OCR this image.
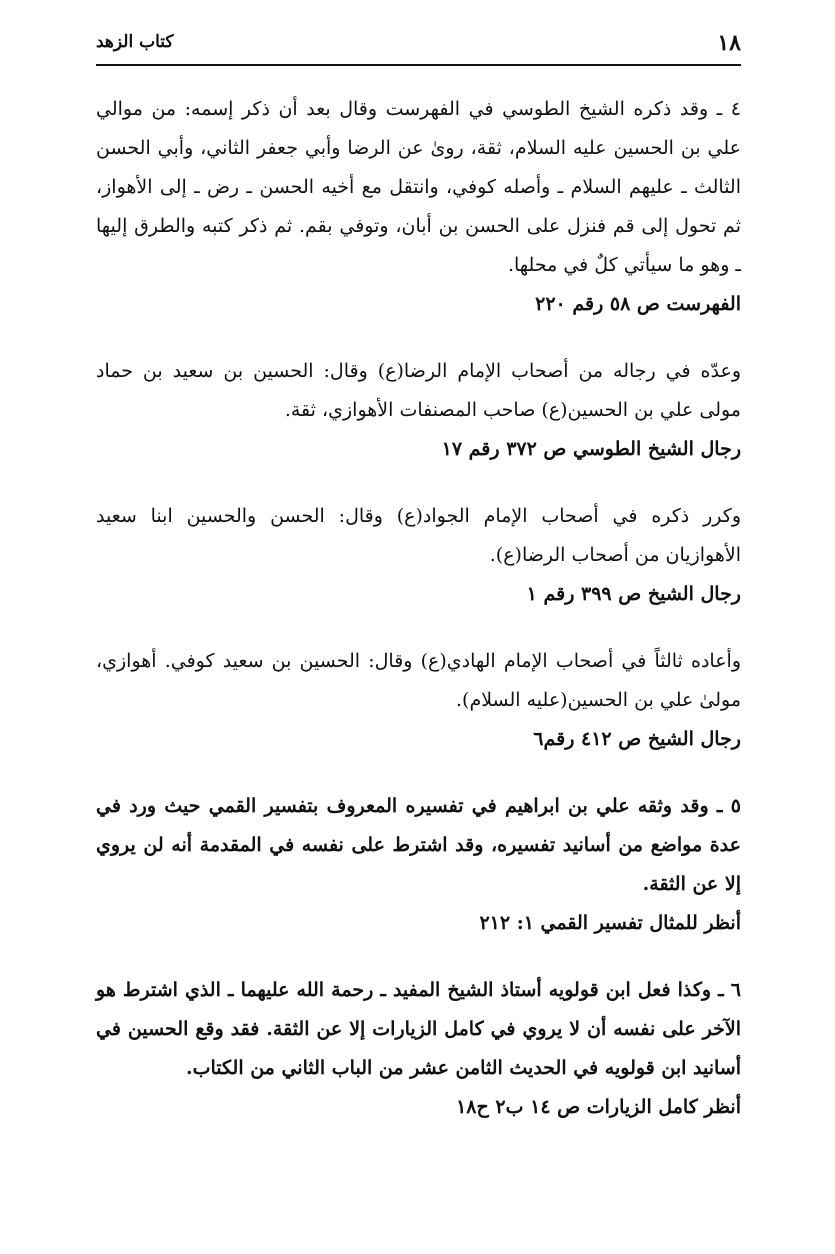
١٨
كتاب الزهد

٤ ـ وقد ذكره الشيخ الطوسي في الفهرست وقال بعد أن ذكر إسمه: من موالي علي بن الحسين عليه السلام، ثقة، روىٰ عن الرضا وأبي جعفر الثاني، وأبي الحسن الثالث ـ عليهم السلام ـ وأصله كوفي، وانتقل مع أخيه الحسن ـ رض ـ إلى الأهواز، ثم تحول إلى قم فنزل على الحسن بن أبان، وتوفي بقم. ثم ذكر كتبه والطرق إليها ـ وهو ما سيأتي كلٌ في محلها.

الفهرست ص ٥٨ رقم ٢٢٠

وعدّه في رجاله من أصحاب الإمام الرضا(ع) وقال: الحسين بن سعيد بن حماد مولى علي بن الحسين(ع) صاحب المصنفات الأهوازي، ثقة.

رجال الشيخ الطوسي ص ٣٧٢ رقم ١٧

وكرر ذكره في أصحاب الإمام الجواد(ع) وقال: الحسن والحسين ابنا سعيد الأهوازيان من أصحاب الرضا(ع).

رجال الشيخ ص ٣٩٩ رقم ١

وأعاده ثالثاً في أصحاب الإمام الهادي(ع) وقال: الحسين بن سعيد كوفي. أهوازي، مولىٰ علي بن الحسين(عليه السلام).

رجال الشيخ ص ٤١٢ رقم٦

٥ ـ وقد وثقه علي بن ابراهيم في تفسيره المعروف بتفسير القمي حيث ورد في عدة مواضع من أسانيد تفسيره، وقد اشترط على نفسه في المقدمة أنه لن يروي إلا عن الثقة.

أنظر للمثال تفسير القمي ١: ٢١٢

٦ ـ وكذا فعل ابن قولويه أستاذ الشيخ المفيد ـ رحمة الله عليهما ـ الذي اشترط هو الآخر على نفسه أن لا يروي في كامل الزيارات إلا عن الثقة. فقد وقع الحسين في أسانيد ابن قولويه في الحديث الثامن عشر من الباب الثاني من الكتاب.

أنظر كامل الزيارات ص ١٤ ب٢ ح١٨
